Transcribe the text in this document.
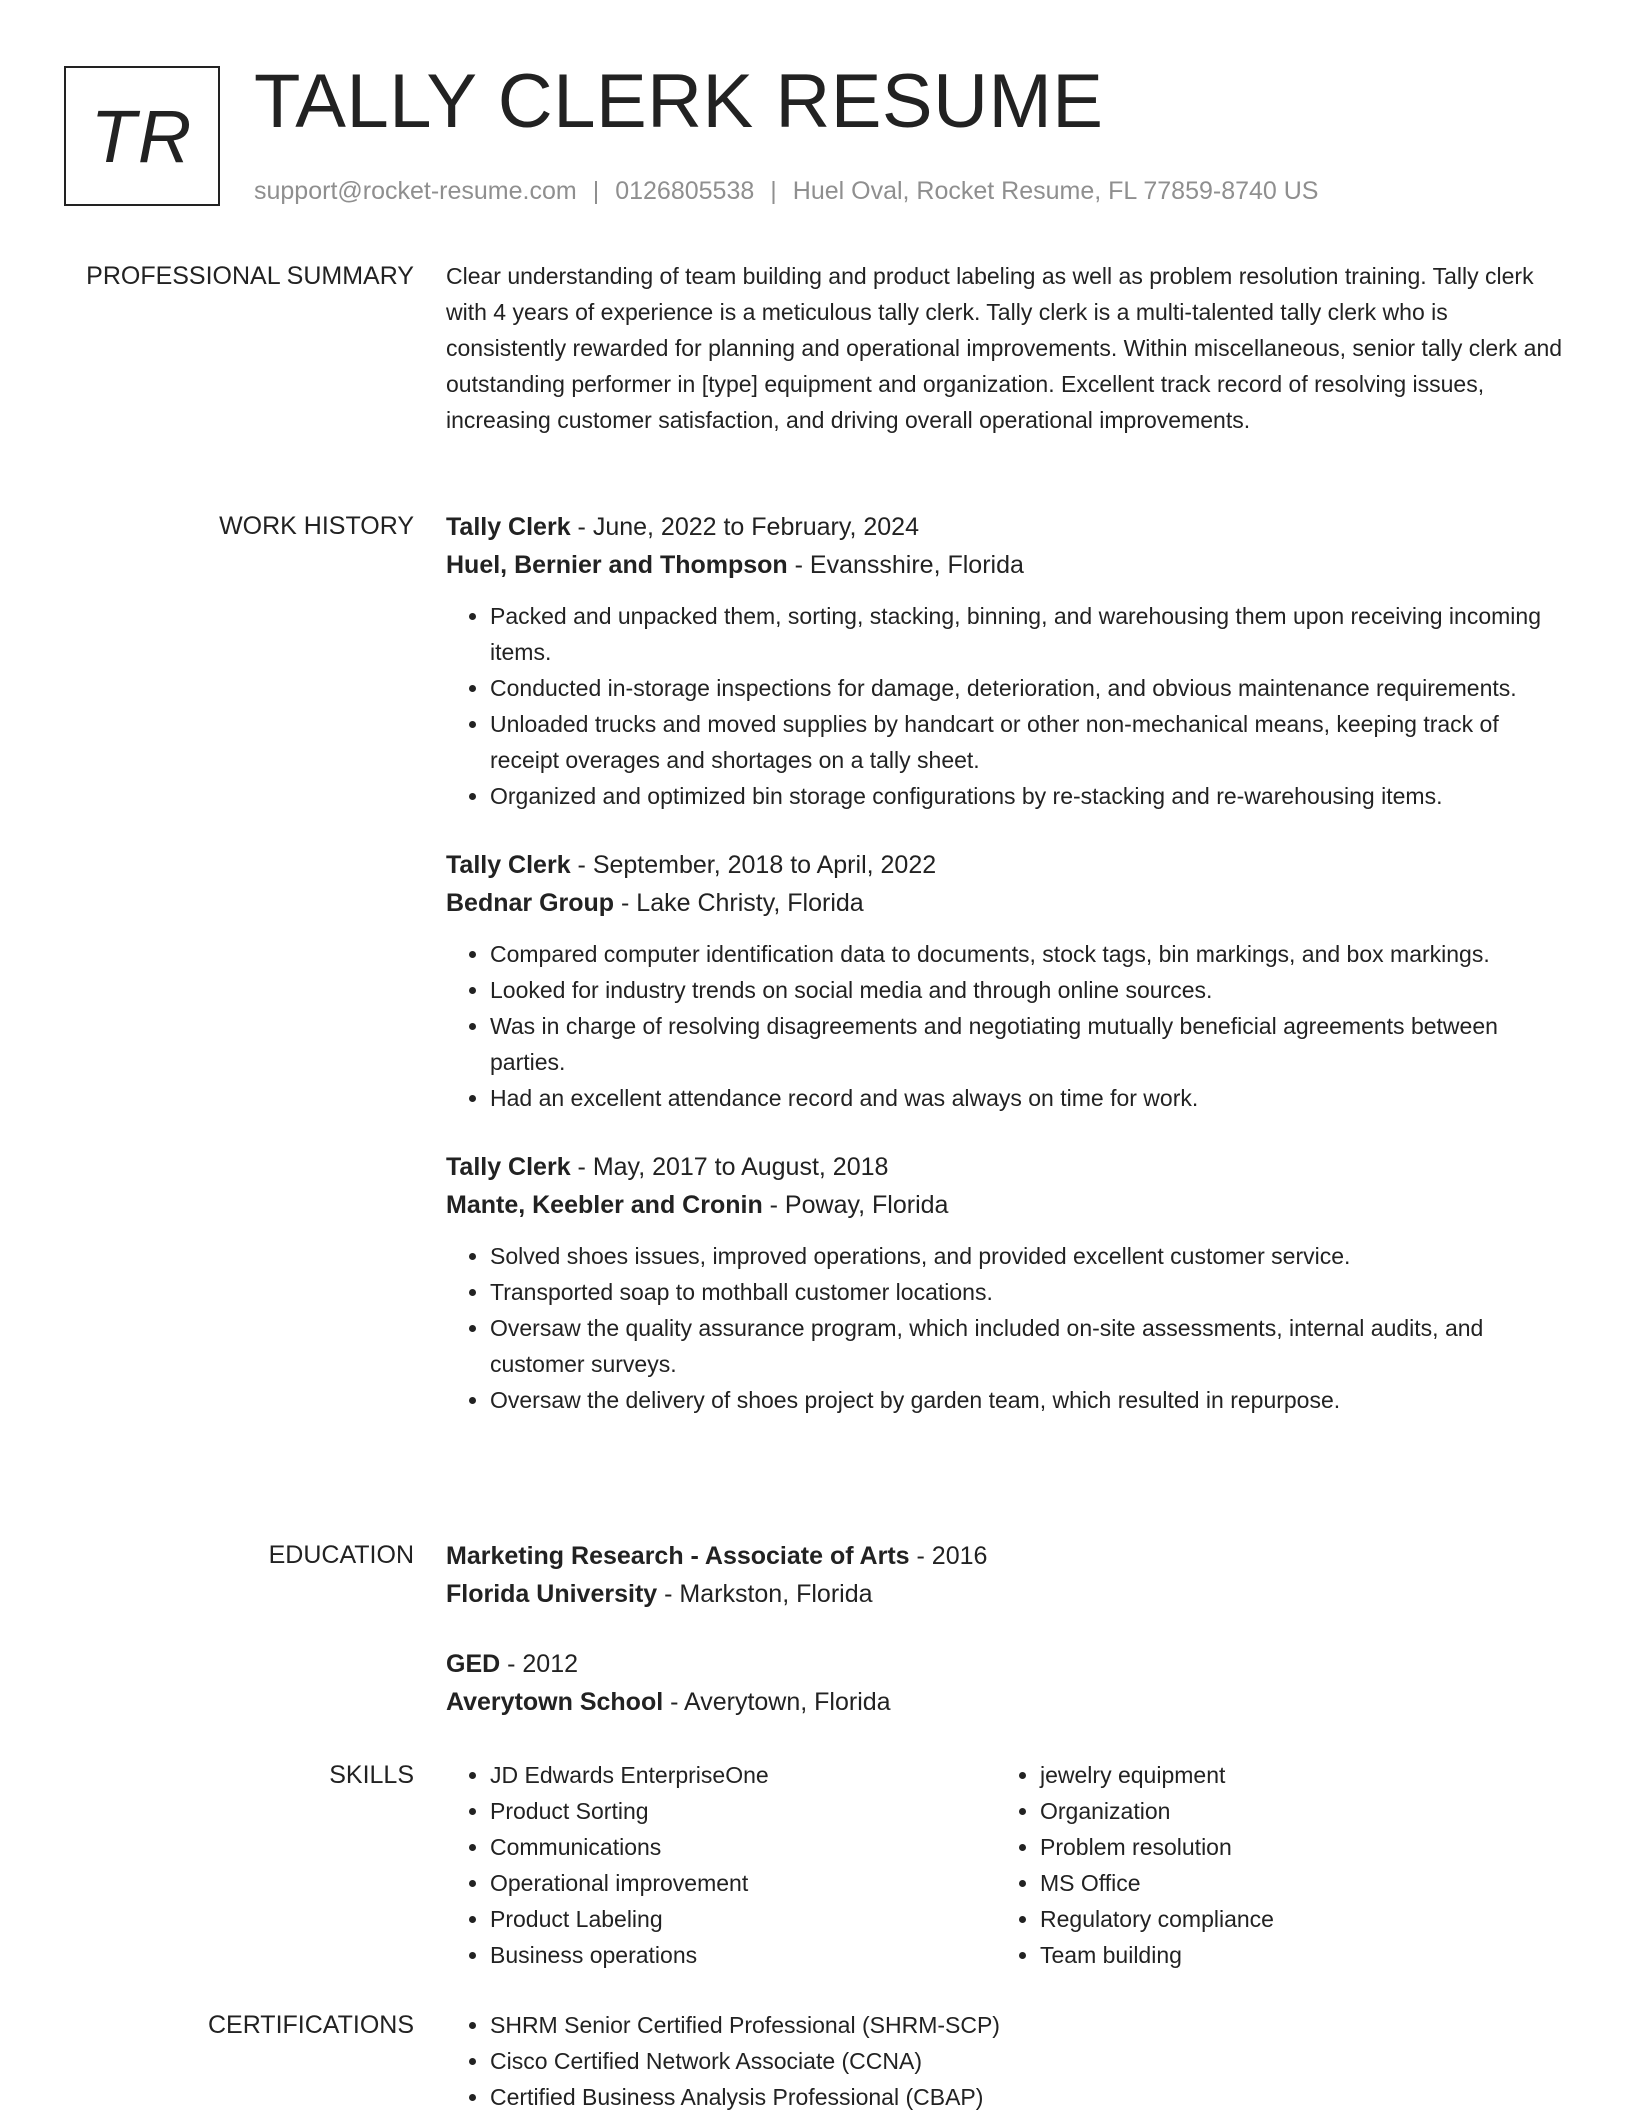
TR TALLY CLERK RESUME
support@rocket-resume.com | 0126805538 | Huel Oval, Rocket Resume, FL 77859-8740 US
PROFESSIONAL SUMMARY Clear understanding of team building and product labeling as well as problem resolution training. Tally clerk with 4 years of experience is a meticulous tally clerk. Tally clerk is a multi-talented tally clerk who is consistently rewarded for planning and operational improvements. Within miscellaneous, senior tally clerk and outstanding performer in [type] equipment and organization. Excellent track record of resolving issues, increasing customer satisfaction, and driving overall operational improvements.

WORK HISTORY Tally Clerk - June, 2022 to February, 2024

Huel, Bernier and Thompson - Evansshire, Florida

• Packed and unpacked them, sorting, stacking, binning, and warehousing them upon receiving incoming items.
• Conducted in-storage inspections for damage, deterioration, and obvious maintenance requirements.
• Unloaded trucks and moved supplies by handcart or other non-mechanical means, keeping track of receipt overages and shortages on a tally sheet.
• Organized and optimized bin storage configurations by re-stacking and re-warehousing items.

Tally Clerk - September, 2018 to April, 2022

Bednar Group - Lake Christy, Florida

• Compared computer identification data to documents, stock tags, bin markings, and box markings.
• Looked for industry trends on social media and through online sources.
• Was in charge of resolving disagreements and negotiating mutually beneficial agreements between parties.
• Had an excellent attendance record and was always on time for work.

Tally Clerk - May, 2017 to August, 2018

Mante, Keebler and Cronin - Poway, Florida

• Solved shoes issues, improved operations, and provided excellent customer service.
• Transported soap to mothball customer locations.
• Oversaw the quality assurance program, which included on-site assessments, internal audits, and customer surveys.
• Oversaw the delivery of shoes project by garden team, which resulted in repurpose.
EDUCATION Marketing Research - Associate of Arts - 2016

Florida University - Markston, Florida

GED - 2012

Averytown School - Averytown, Florida

SKILLS	• JD Edwards EnterpriseOne
• Product Sorting
• Communications
• Operational improvement
• Product Labeling
• Business operations
• jewelry equipment
• Organization
• Problem resolution
• MS Office
• Regulatory compliance
• Team building
CERTIFICATIONS	• SHRM Senior Certified Professional (SHRM-SCP)
• Cisco Certified Network Associate (CCNA)
• Certified Business Analysis Professional (CBAP)
